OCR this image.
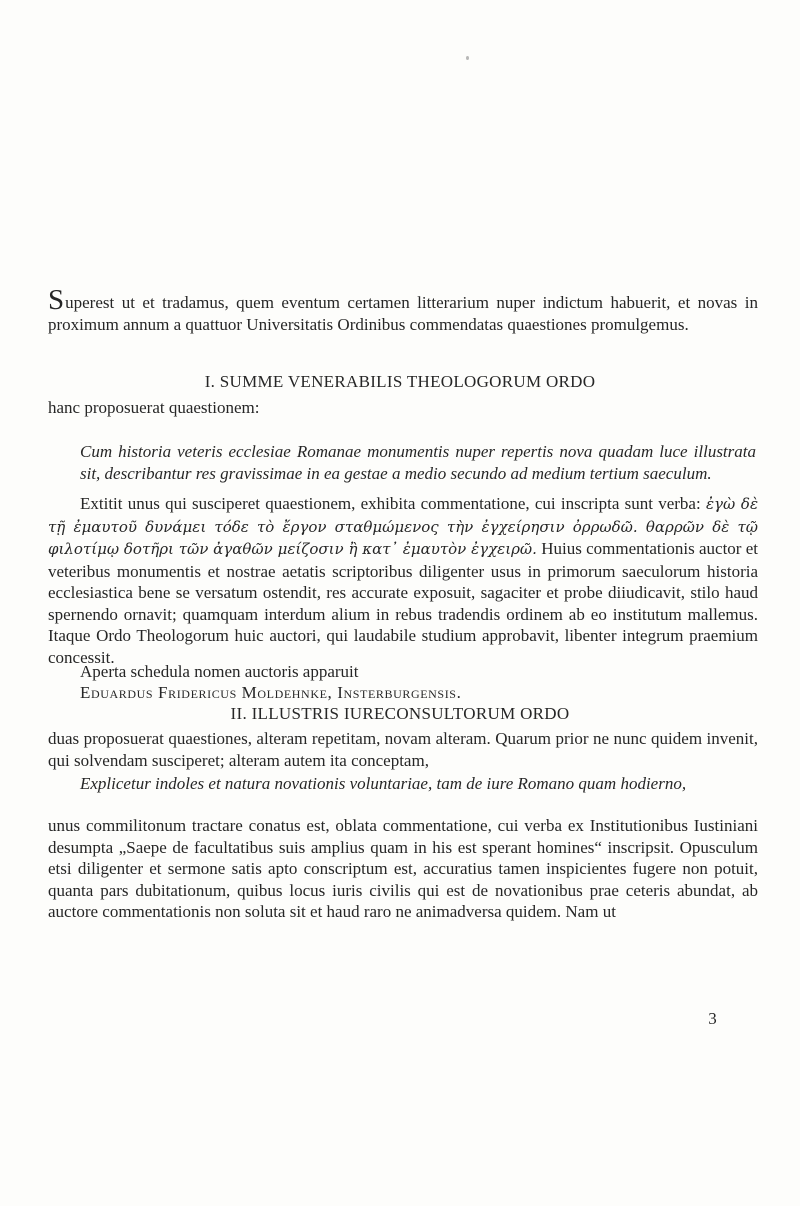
Superest ut et tradamus, quem eventum certamen litterarium nuper indictum habuerit, et novas in proximum annum a quattuor Universitatis Ordinibus commendatas quaestiones promulgemus.

I. SUMME VENERABILIS THEOLOGORUM ORDO
hanc proposuerat quaestionem:
Cum historia veteris ecclesiae Romanae monumentis nuper repertis nova quadam luce illustrata sit, describantur res gravissimae in ea gestae a medio secundo ad medium tertium saeculum.

Extitit unus qui susciperet quaestionem, exhibita commentatione, cui inscripta sunt verba: ἐγὼ δὲ τῇ ἐμαυτοῦ δυνάμει τόδε τὸ ἔργον σταθμώμενος τὴν ἐγχείρησιν ὀρρωδῶ. θαρρῶν δὲ τῷ φιλοτίμῳ δοτῆρι τῶν ἀγαθῶν μείζοσιν ἢ κατ᾽ ἐμαυτὸν ἐγχειρῶ. Huius commentationis auctor et veteribus monumentis et nostrae aetatis scriptoribus diligenter usus in primorum saeculorum historia ecclesiastica bene se versatum ostendit, res accurate exposuit, sagaciter et probe diiudicavit, stilo haud spernendo ornavit; quamquam interdum alium in rebus tradendis ordinem ab eo institutum mallemus. Itaque Ordo Theologorum huic auctori, qui laudabile studium approbavit, libenter integrum praemium concessit.

Aperta schedula nomen auctoris apparuit
Eduardus Fridericus Moldehnke, Insterburgensis.
II. ILLUSTRIS IURECONSULTORUM ORDO
duas proposuerat quaestiones, alteram repetitam, novam alteram. Quarum prior ne nunc quidem invenit, qui solvendam susciperet; alteram autem ita conceptam,
Explicetur indoles et natura novationis voluntariae, tam de iure Romano quam hodierno,
unus commilitonum tractare conatus est, oblata commentatione, cui verba ex Institutionibus Iustiniani desumpta „Saepe de facultatibus suis amplius quam in his est sperant homines“ inscripsit. Opusculum etsi diligenter et sermone satis apto conscriptum est, accuratius tamen inspicientes fugere non potuit, quanta pars dubitationum, quibus locus iuris civilis qui est de novationibus prae ceteris abundat, ab auctore commentationis non soluta sit et haud raro ne animadversa quidem. Nam ut
3
